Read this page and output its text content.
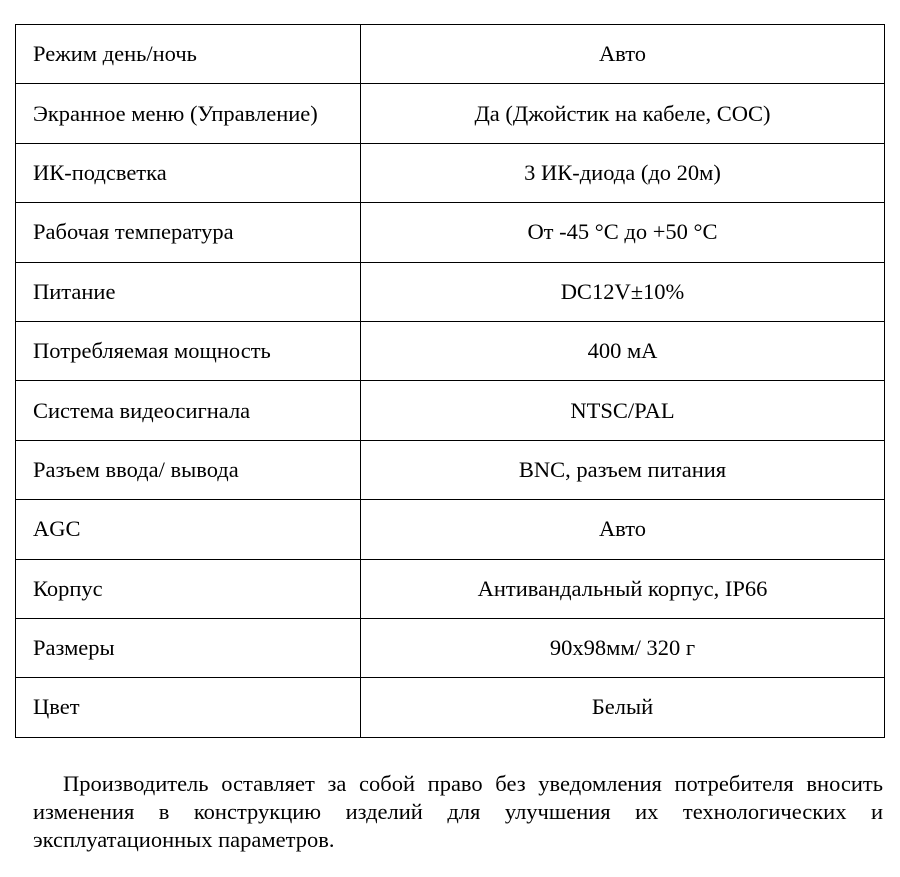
Режим день/ночь	Авто
Экранное меню (Управление)	Да (Джойстик на кабеле, COC)
ИК-подсветка	3 ИК-диода (до 20м)
Рабочая температура	От -45 °С до +50 °С
Питание	DC12V±10%
Потребляемая мощность	400 мА
Система видеосигнала	NTSC/PAL
Разъем ввода/ вывода	BNC, разъем питания
AGC	Авто
Корпус	Антивандальный корпус, IP66
Размеры	90х98мм/ 320 г
Цвет	Белый

Производитель оставляет за собой право без уведомления потребителя вносить изменения в конструкцию изделий для улучшения их технологических и эксплуатационных параметров.
